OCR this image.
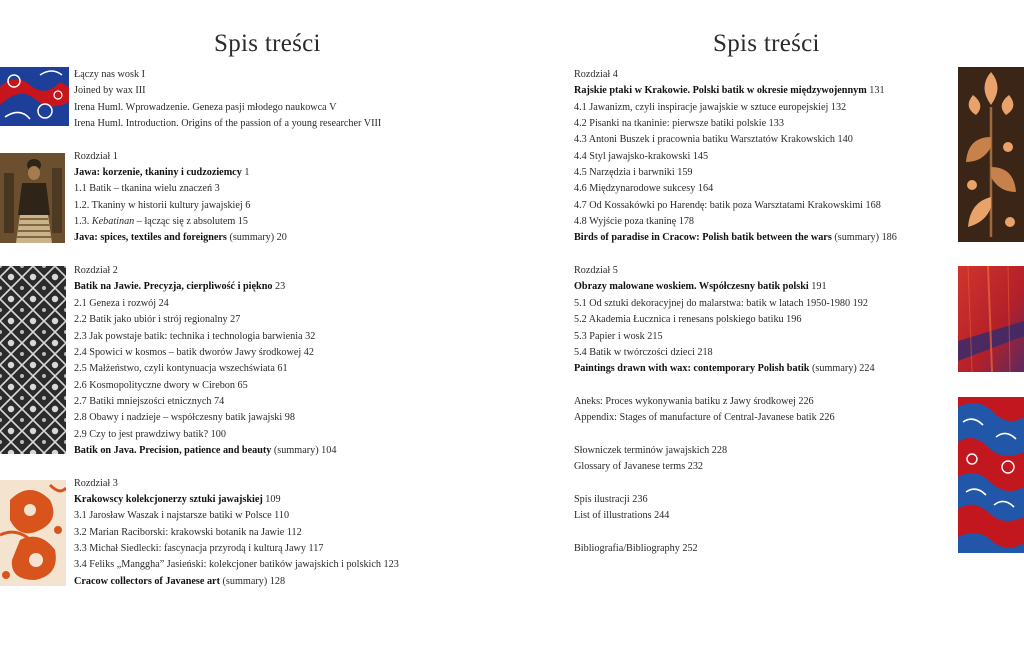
Spis treści	Spis treści
Łączy nas wosk I
Joined by wax III
Irena Huml. Wprowadzenie. Geneza pasji młodego naukowca V
Irena Huml. Introduction. Origins of the passion of a young researcher VIII
Rozdział 1
Jawa: korzenie, tkaniny i cudzoziemcy 1
1.1 Batik – tkanina wielu znaczeń 3
1.2. Tkaniny w historii kultury jawajskiej 6
1.3. Kebatinan – łącząc się z absolutem 15
Java: spices, textiles and foreigners (summary) 20
Rozdział 2
Batik na Jawie. Precyzja, cierpliwość i piękno 23
2.1 Geneza i rozwój 24
2.2 Batik jako ubiór i strój regionalny 27
2.3 Jak powstaje batik: technika i technologia barwienia 32
2.4 Spowici w kosmos – batik dworów Jawy środkowej 42
2.5 Małżeństwo, czyli kontynuacja wszechświata 61
2.6 Kosmopolityczne dwory w Cirebon 65
2.7 Batiki mniejszości etnicznych 74
2.8 Obawy i nadzieje – współczesny batik jawajski 98
2.9 Czy to jest prawdziwy batik? 100
Batik on Java. Precision, patience and beauty (summary) 104
Rozdział 3
Krakowscy kolekcjonerzy sztuki jawajskiej 109
3.1 Jarosław Waszak i najstarsze batiki w Polsce 110
3.2 Marian Raciborski: krakowski botanik na Jawie 112
3.3 Michał Siedlecki: fascynacja przyrodą i kulturą Jawy 117
3.4 Feliks „Manggha” Jasieński: kolekcjoner batików jawajskich i polskich 123
Cracow collectors of Javanese art (summary) 128
Rozdział 4
Rajskie ptaki w Krakowie. Polski batik w okresie międzywojennym 131
4.1 Jawanizm, czyli inspiracje jawajskie w sztuce europejskiej 132
4.2 Pisanki na tkaninie: pierwsze batiki polskie 133
4.3 Antoni Buszek i pracownia batiku Warsztatów Krakowskich 140
4.4 Styl jawajsko-krakowski 145
4.5 Narzędzia i barwniki 159
4.6 Międzynarodowe sukcesy 164
4.7 Od Kossakówki po Harendę: batik poza Warsztatami Krakowskimi 168
4.8 Wyjście poza tkaninę 178
Birds of paradise in Cracow: Polish batik between the wars (summary) 186
Rozdział 5
Obrazy malowane woskiem. Współczesny batik polski 191
5.1 Od sztuki dekoracyjnej do malarstwa: batik w latach 1950-1980 192
5.2 Akademia Łucznica i renesans polskiego batiku 196
5.3 Papier i wosk 215
5.4 Batik w twórczości dzieci 218
Paintings drawn with wax: contemporary Polish batik (summary) 224
Aneks: Proces wykonywania batiku z Jawy środkowej 226
Appendix: Stages of manufacture of Central-Javanese batik 226
Słowniczek terminów jawajskich 228
Glossary of Javanese terms 232
Spis ilustracji 236
List of illustrations 244
Bibliografia/Bibliography 252
